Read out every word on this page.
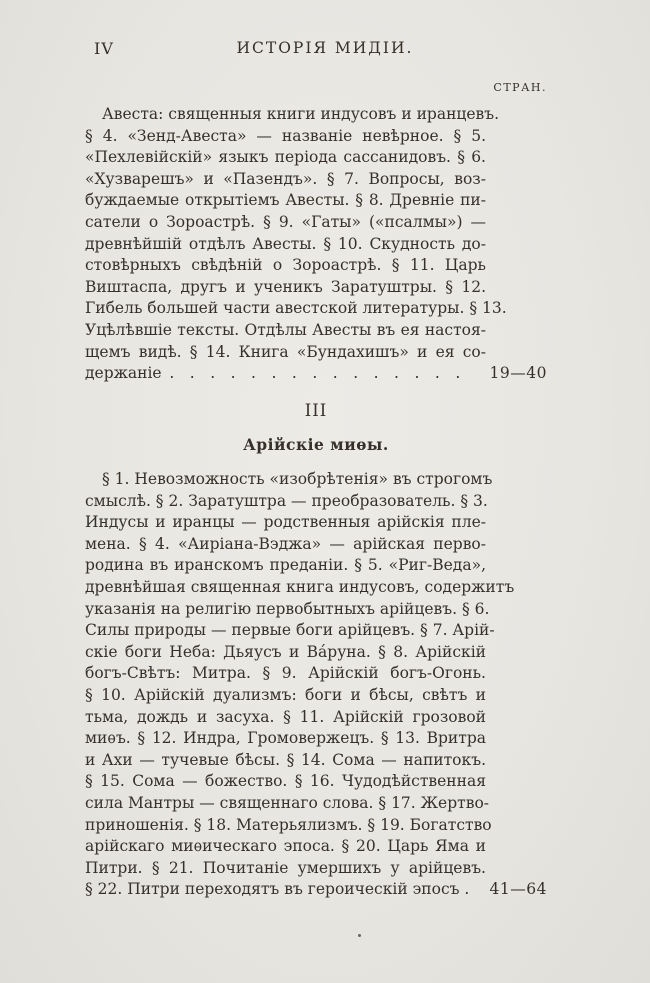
IV	ИСТОРІЯ МИДІИ.
СТРАН.
Авеста: священныя книги индусовъ и иранцевъ.
§ 4. «Зенд-Авеста» — названіе невѣрное. § 5.
«Пехлевійскій» языкъ періода сассанидовъ. § 6.
«Хузварешъ» и «Пазендъ». § 7. Вопросы, воз-
буждаемые открытіемъ Авесты. § 8. Древніе пи-
сатели о Зороастрѣ. § 9. «Гаты» («псалмы») —
древнѣйшій отдѣлъ Авесты. § 10. Скудность до-
стовѣрныхъ свѣдѣній о Зороастрѣ. § 11. Царь
Виштаспа, другъ и ученикъ Заратуштры. § 12.
Гибель большей части авестской литературы. § 13.
Уцѣлѣвшіе тексты. Отдѣлы Авесты въ ея настоя-
щемъ видѣ. § 14. Книга «Бундахишъ» и ея со-
держаніе . . . . . . . . . . . . . . .	19—40
III
Арійскіе миѳы.
§ 1. Невозможность «изобрѣтенія» въ строгомъ
смыслѣ. § 2. Заратуштра — преобразователь. § 3.
Индусы и иранцы — родственныя арійскія пле-
мена. § 4. «Аиріана-Вэджа» — арійская перво-
родина въ иранскомъ преданіи. § 5. «Риг-Веда»,
древнѣйшая священная книга индусовъ, содержитъ
указанія на религію первобытныхъ арійцевъ. § 6.
Силы природы — первые боги арійцевъ. § 7. Арій-
скіе боги Неба: Дьяусъ и Ва́руна. § 8. Арійскій
богъ-Свѣтъ: Митра. § 9. Арійскій богъ-Огонь.
§ 10. Арійскій дуализмъ: боги и бѣсы, свѣтъ и
тьма, дождь и засуха. § 11. Арійскій грозовой
миѳъ. § 12. Индра, Громовержецъ. § 13. Вритра
и Ахи — тучевые бѣсы. § 14. Сома — напитокъ.
§ 15. Сома — божество. § 16. Чудодѣйственная
сила Мантры — священнаго слова. § 17. Жертво-
приношенія. § 18. Матерьялизмъ. § 19. Богатство
арійскаго миѳическаго эпоса. § 20. Царь Яма и
Питри. § 21. Почитаніе умершихъ у арійцевъ.
§ 22. Питри переходятъ въ героическій эпосъ .	41—64
